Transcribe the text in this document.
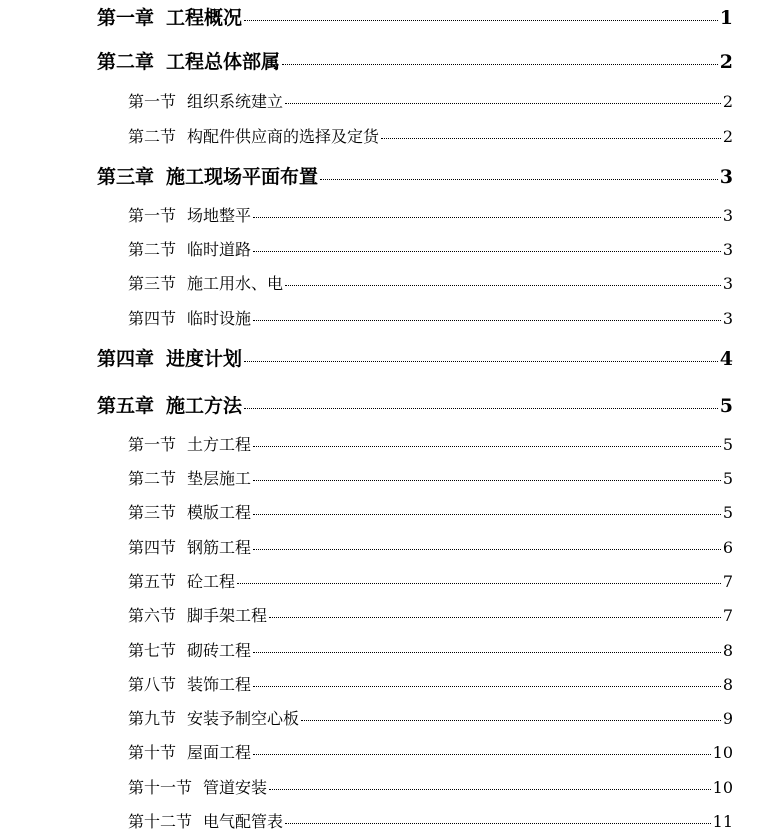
第一章 工程概况	1
第二章 工程总体部属	2
第一节 组织系统建立	2
第二节 构配件供应商的选择及定货	2
第三章 施工现场平面布置	3
第一节 场地整平	3
第二节 临时道路	3
第三节 施工用水、电	3
第四节 临时设施	3
第四章 进度计划	4
第五章 施工方法	5
第一节 土方工程	5
第二节 垫层施工	5
第三节 模版工程	5
第四节 钢筋工程	6
第五节 砼工程	7
第六节 脚手架工程	7
第七节 砌砖工程	8
第八节 装饰工程	8
第九节 安装予制空心板	9
第十节 屋面工程	10
第十一节 管道安装	10
第十二节 电气配管表	11
